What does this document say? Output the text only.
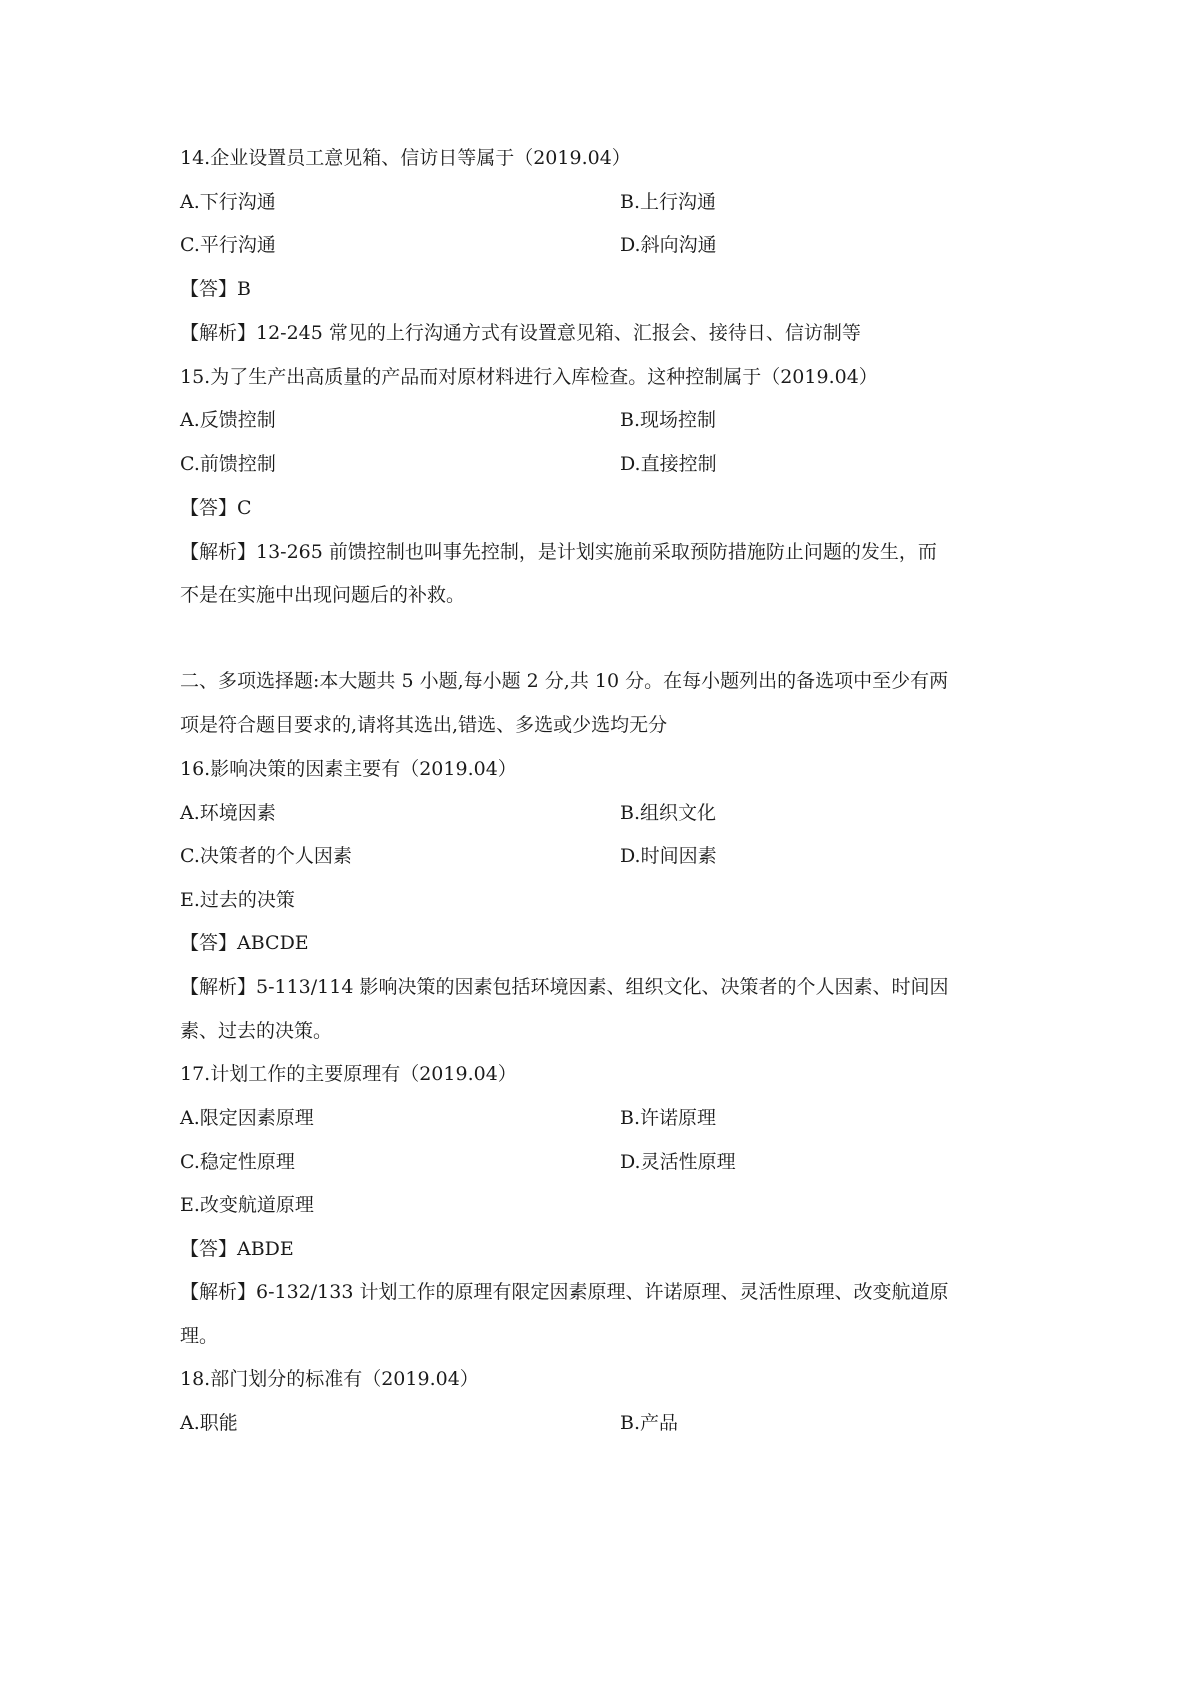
14.企业设置员工意见箱、信访日等属于（2019.04）
A.下行沟通	B.上行沟通
C.平行沟通	D.斜向沟通
【答】B
【解析】12-245 常见的上行沟通方式有设置意见箱、汇报会、接待日、信访制等
15.为了生产出高质量的产品而对原材料进行入库检查。这种控制属于（2019.04）
A.反馈控制	B.现场控制
C.前馈控制	D.直接控制
【答】C
【解析】13-265 前馈控制也叫事先控制，是计划实施前采取预防措施防止问题的发生，而
不是在实施中出现问题后的补救。
二、多项选择题:本大题共 5 小题,每小题 2 分,共 10 分。在每小题列出的备选项中至少有两
项是符合题目要求的,请将其选出,错选、多选或少选均无分
16.影响决策的因素主要有（2019.04）
A.环境因素	B.组织文化
C.决策者的个人因素	D.时间因素
E.过去的决策
【答】ABCDE
【解析】5-113/114 影响决策的因素包括环境因素、组织文化、决策者的个人因素、时间因
素、过去的决策。
17.计划工作的主要原理有（2019.04）
A.限定因素原理	B.许诺原理
C.稳定性原理	D.灵活性原理
E.改变航道原理
【答】ABDE
【解析】6-132/133 计划工作的原理有限定因素原理、许诺原理、灵活性原理、改变航道原
理。
18.部门划分的标准有（2019.04）
A.职能	B.产品
